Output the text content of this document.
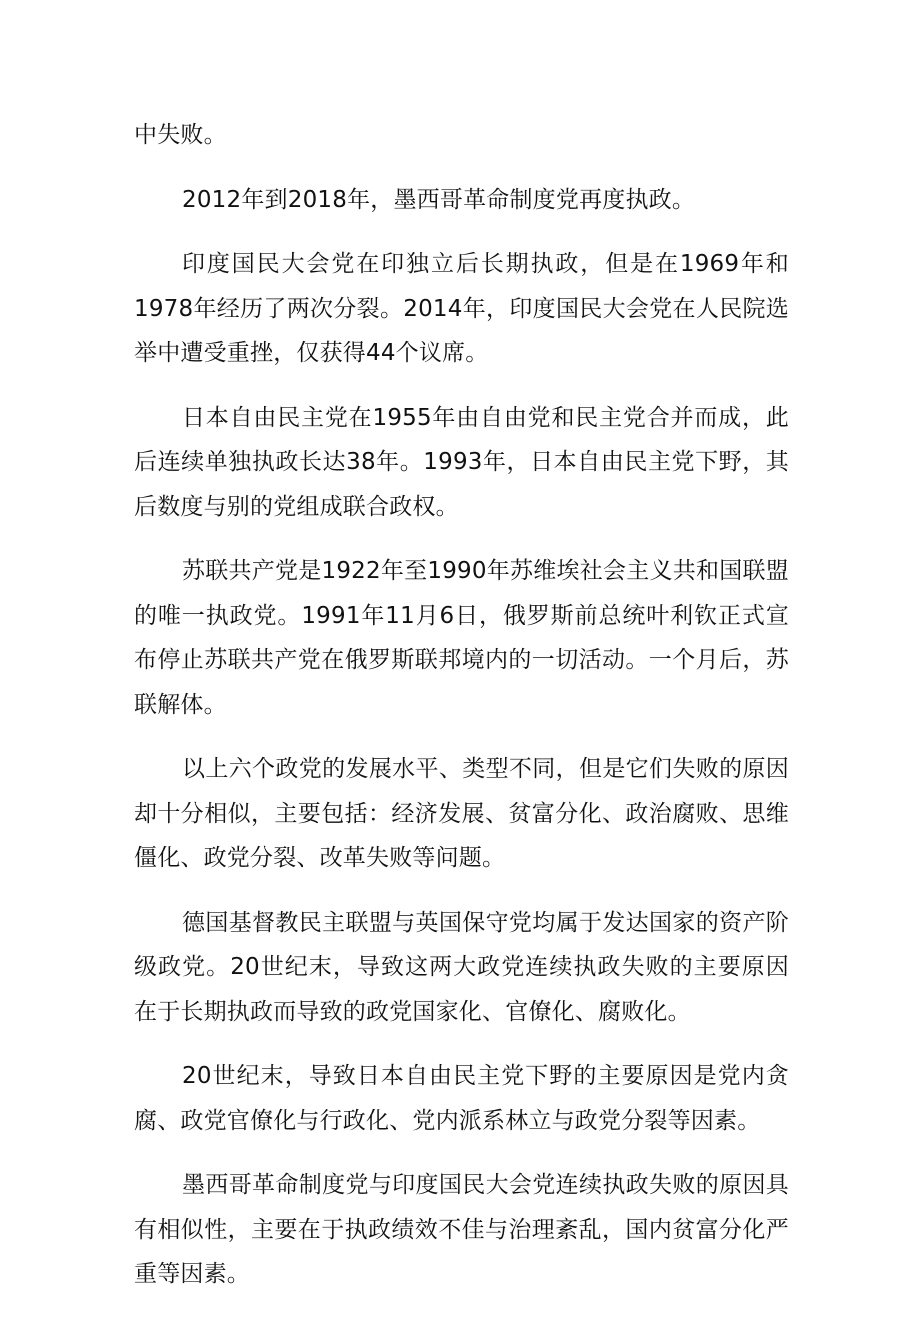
中失败。

2012年到2018年，墨西哥革命制度党再度执政。

印度国民大会党在印独立后长期执政，但是在1969年和1978年经历了两次分裂。2014年，印度国民大会党在人民院选举中遭受重挫，仅获得44个议席。

日本自由民主党在1955年由自由党和民主党合并而成，此后连续单独执政长达38年。1993年，日本自由民主党下野，其后数度与别的党组成联合政权。

苏联共产党是1922年至1990年苏维埃社会主义共和国联盟的唯一执政党。1991年11月6日，俄罗斯前总统叶利钦正式宣布停止苏联共产党在俄罗斯联邦境内的一切活动。一个月后，苏联解体。

以上六个政党的发展水平、类型不同，但是它们失败的原因却十分相似，主要包括：经济发展、贫富分化、政治腐败、思维僵化、政党分裂、改革失败等问题。

德国基督教民主联盟与英国保守党均属于发达国家的资产阶级政党。20世纪末，导致这两大政党连续执政失败的主要原因在于长期执政而导致的政党国家化、官僚化、腐败化。

20世纪末，导致日本自由民主党下野的主要原因是党内贪腐、政党官僚化与行政化、党内派系林立与政党分裂等因素。

墨西哥革命制度党与印度国民大会党连续执政失败的原因具有相似性，主要在于执政绩效不佳与治理紊乱，国内贫富分化严重等因素。
